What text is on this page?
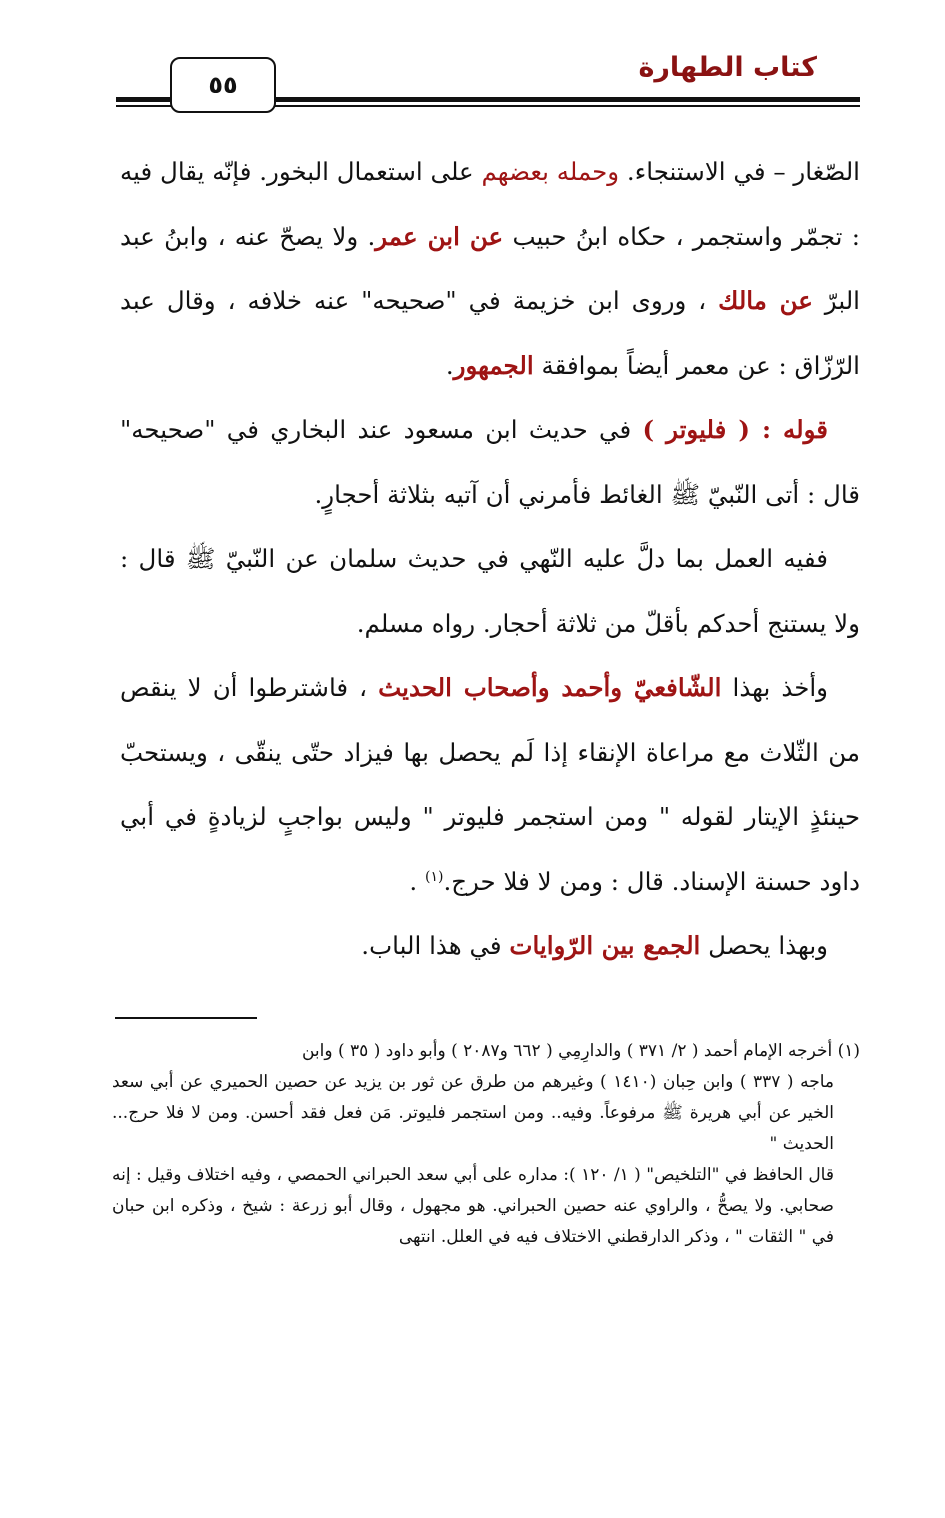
كتاب الطهارة
٥٥

الصّغار – في الاستنجاء. وحمله بعضهم على استعمال البخور. فإنّه يقال فيه : تجمّر واستجمر ، حكاه ابنُ حبيب عن ابن عمر. ولا يصحّ عنه ، وابنُ عبد البرّ عن مالك ، وروى ابن خزيمة في "صحيحه" عنه خلافه ، وقال عبد الرّزّاق : عن معمر أيضاً بموافقة الجمهور.

قوله : ( فليوتر ) في حديث ابن مسعود عند البخاري في "صحيحه" قال : أتى النّبيّ ﷺ الغائط فأمرني أن آتيه بثلاثة أحجارٍ.

ففيه العمل بما دلَّ عليه النّهي في حديث سلمان عن النّبيّ ﷺ قال : ولا يستنج أحدكم بأقلّ من ثلاثة أحجار. رواه مسلم.

وأخذ بهذا الشّافعيّ وأحمد وأصحاب الحديث ، فاشترطوا أن لا ينقص من الثّلاث مع مراعاة الإنقاء إذا لَم يحصل بها فيزاد حتّى ينقّى ، ويستحبّ حينئذٍ الإيتار لقوله " ومن استجمر فليوتر " وليس بواجبٍ لزيادةٍ في أبي داود حسنة الإسناد. قال : ومن لا فلا حرج.$^{(١)}$ .

وبهذا يحصل الجمع بين الرّوايات في هذا الباب.

(١) أخرجه الإمام أحمد ( ٢/ ٣٧١ ) والدارِمِي ( ٦٦٢ و٢٠٨٧ ) وأبو داود ( ٣٥ ) وابن

ماجه ( ٣٣٧ ) وابن حِبان (١٤١٠ ) وغيرهم من طرق عن ثور بن يزيد عن حصين الحميري عن أبي سعد الخير عن أبي هريرة ﷺ مرفوعاً. وفيه.. ومن استجمر فليوتر. مَن فعل فقد أحسن. ومن لا فلا حرج... الحديث "

قال الحافظ في "التلخيص" ( ١/ ١٢٠ ): مداره على أبي سعد الحبراني الحمصي ، وفيه اختلاف وقيل : إنه صحابي. ولا يصحُّ ، والراوي عنه حصين الحبراني. هو مجهول ، وقال أبو زرعة : شيخ ، وذكره ابن حبان في " الثقات " ، وذكر الدارقطني الاختلاف فيه في العلل. انتهى
